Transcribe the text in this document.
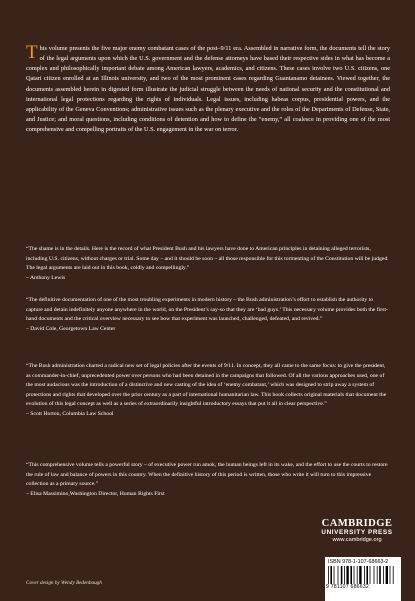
This volume presents the five major enemy combatant cases of the post–9/11 era. Assembled in narrative form, the documents tell the story of the legal arguments upon which the U.S. government and the defense attorneys have based their respective sides in what has become a complex and philosophically important debate among American lawyers, academics, and citizens. These cases involve two U.S. citizens, one Qatari citizen enrolled at an Illinois university, and two of the most prominent cases regarding Guantanamo detainees. Viewed together, the documents assembled herein in digested form illustrate the judicial struggle between the needs of national security and the constitutional and international legal protections regarding the rights of individuals. Legal issues, including habeas corpus, presidential powers, and the applicability of the Geneva Conventions; administrative issues such as the plenary executive and the roles of the Departments of Defense, State, and Justice; and moral questions, including conditions of detention and how to define the “enemy,” all coalesce in providing one of the most comprehensive and compelling portraits of the U.S. engagement in the war on terror.

“The shame is in the details. Here is the record of what President Bush and his lawyers have done to American principles in detaining alleged terrorists, including U.S. citizens, without charges or trial. Some day – and it should be soon – all those responsible for this tormenting of the Constitution will be judged. The legal arguments are laid out in this book, coldly and compellingly.”
– Anthony Lewis

“The definitive documentation of one of the most troubling experiments in modern history – the Bush administration’s effort to establish the authority to capture and detain indefinitely anyone anywhere in the world, on the President’s say-so that they are ‘bad guys.’ This necessary volume provides both the first-hand documents and the critical overview necessary to see how that experiment was launched, challenged, defeated, and revived.”
– David Cole, Georgetown Law Center

“The Bush administration charted a radical new set of legal policies after the events of 9/11. In concept, they all came to the same focus: to give the president, as commander-in-chief, unprecedented power over persons who had been detained in the campaigns that followed. Of all the various approaches used, one of the most audacious was the introduction of a distinctive and new casting of the idea of ‘enemy combatant,’ which was designed to strip away a system of protections and rights that developed over the prior century as a part of international humanitarian law. This book collects original materials that document the evolution of this legal concept as well as a series of extraordinarily insightful introductory essays that put it all in clear perspective.”
– Scott Horton, Columbia Law School

“This comprehensive volume tells a powerful story – of executive power run amok, the human beings left in its wake, and the effort to use the courts to restore the rule of law and balance of powers in this country. When the definitive history of this period is written, those who write it will turn to this impressive collection as a primary source.”
– Elisa Massimino,Washington Director, Human Rights First

CAMBRIDGE
UNIVERSITY PRESS
www.cambridge.org
ISBN 978-1-107-68663-2
9 781107 686632
Cover design by Wendy Bedenbaugh
